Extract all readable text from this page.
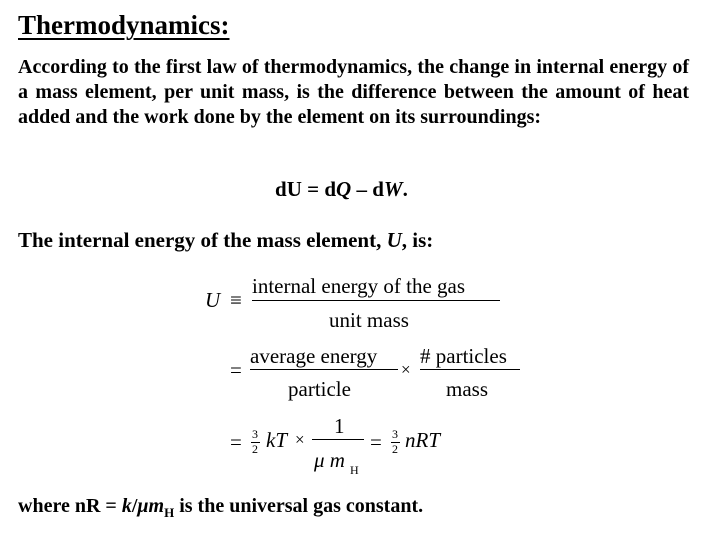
Thermodynamics:
According to the first law of thermodynamics, the change in internal energy of a mass element, per unit mass, is the difference between the amount of heat added and the work done by the element on its surroundings:
dU = dQ – dW.
The internal energy of the mass element, U, is:
U ≡
internal energy of the gas
unit mass
=
average energy
particle
×
# particles
mass
= 3
2 kT ×
1
μ m H
= 3
2 nRT
where nR = $k/\mu m_H$ is the universal gas constant.
